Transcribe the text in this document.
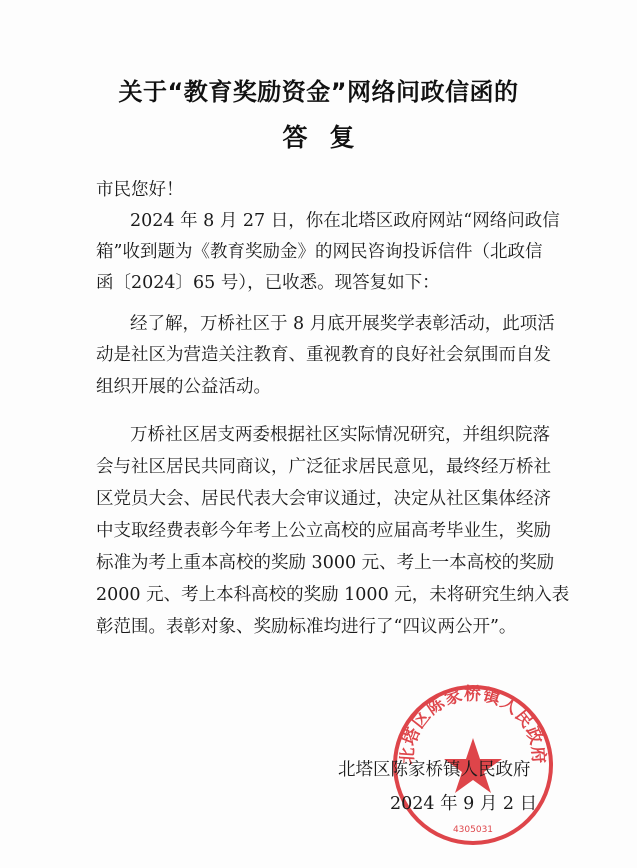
关于“教育奖励资金”网络问政信函的
答复
市民您好！
2024 年 8 月 27 日，你在北塔区政府网站“网络问政信
箱”收到题为《教育奖励金》的网民咨询投诉信件（北政信
函〔2024〕65 号），已收悉。现答复如下：
经了解，万桥社区于 8 月底开展奖学表彰活动，此项活
动是社区为营造关注教育、重视教育的良好社会氛围而自发
组织开展的公益活动。
万桥社区居支两委根据社区实际情况研究，并组织院落
会与社区居民共同商议，广泛征求居民意见，最终经万桥社
区党员大会、居民代表大会审议通过，决定从社区集体经济
中支取经费表彰今年考上公立高校的应届高考毕业生，奖励
标准为考上重本高校的奖励 3000 元、考上一本高校的奖励
2000 元、考上本科高校的奖励 1000 元，未将研究生纳入表
彰范围。表彰对象、奖励标准均进行了“四议两公开”。
北塔区陈家桥镇人民政府
4305031
北塔区陈家桥镇人民政府
2024 年 9 月 2 日
